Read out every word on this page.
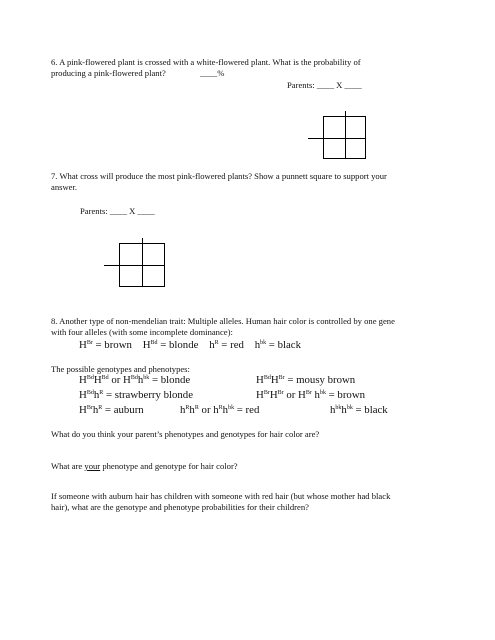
6. A pink-flowered plant is crossed with a white-flowered plant. What is the probability of
producing a pink-flowered plant?	____%
Parents: ____ X ____
7. What cross will produce the most pink-flowered plants? Show a punnett square to support your
answer.
Parents: ____ X ____
8. Another type of non-mendelian trait: Multiple alleles. Human hair color is controlled by one gene
with four alleles (with some incomplete dominance):
$H^{Br}$ = brown $H^{Bd}$ = blonde $h^R$ = red $h^{bk}$ = black
The possible genotypes and phenotypes:
$H^{Bd}H^{Bd}$ or $H^{Bd}h^{bk}$ = blonde	$H^{Bd}H^{Br}$ = mousy brown
$H^{Bd}h^R$ = strawberry blonde	$H^{Br}H^{Br}$ or $H^{Br}$ $h^{bk}$ = brown
$H^{Br}h^R$ = auburn	$h^Rh^R$ or $h^Rh^{bk}$ = red	$h^{bk}h^{bk}$ = black
What do you think your parent’s phenotypes and genotypes for hair color are?
What are your phenotype and genotype for hair color?
If someone with auburn hair has children with someone with red hair (but whose mother had black
hair), what are the genotype and phenotype probabilities for their children?
